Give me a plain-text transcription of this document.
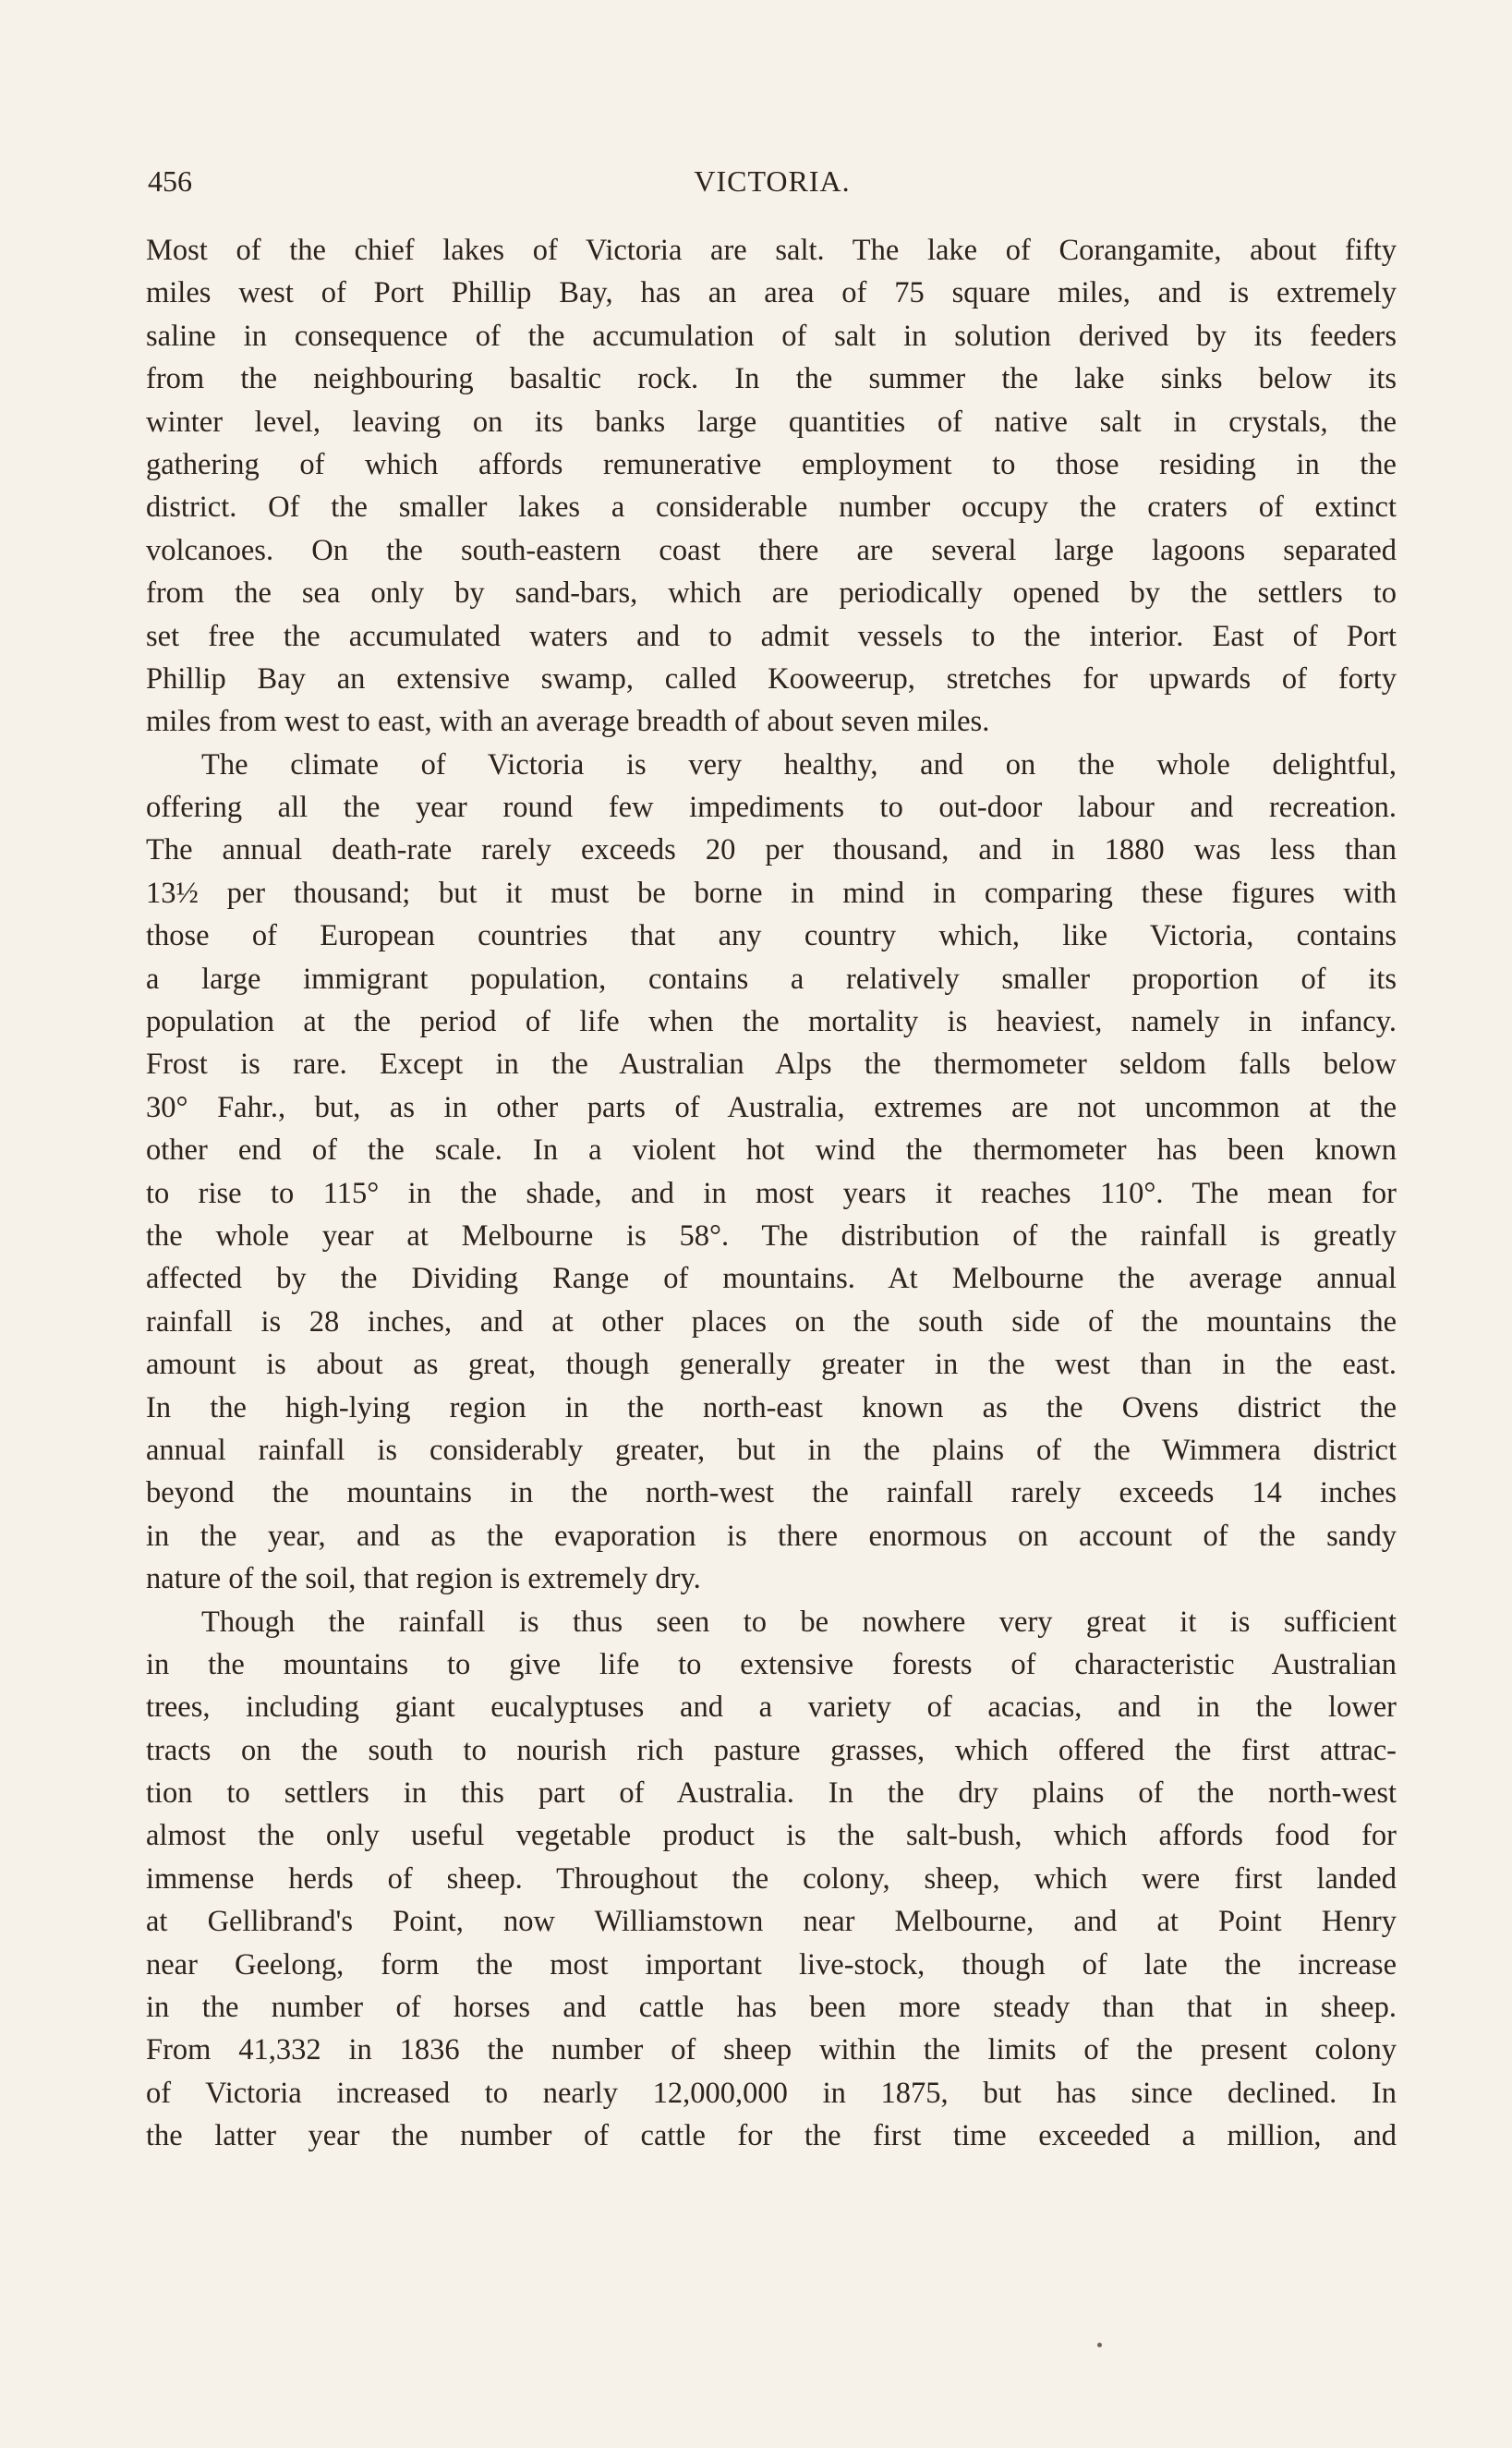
456	VICTORIA.
Most of the chief lakes of Victoria are salt. The lake of Corangamite, about fifty
miles west of Port Phillip Bay, has an area of 75 square miles, and is extremely
saline in consequence of the accumulation of salt in solution derived by its feeders
from the neighbouring basaltic rock. In the summer the lake sinks below its
winter level, leaving on its banks large quantities of native salt in crystals, the
gathering of which affords remunerative employment to those residing in the
district. Of the smaller lakes a considerable number occupy the craters of extinct
volcanoes. On the south-eastern coast there are several large lagoons separated
from the sea only by sand-bars, which are periodically opened by the settlers to
set free the accumulated waters and to admit vessels to the interior. East of Port
Phillip Bay an extensive swamp, called Kooweerup, stretches for upwards of forty
miles from west to east, with an average breadth of about seven miles.
The climate of Victoria is very healthy, and on the whole delightful,
offering all the year round few impediments to out-door labour and recreation.
The annual death-rate rarely exceeds 20 per thousand, and in 1880 was less than
13½ per thousand; but it must be borne in mind in comparing these figures with
those of European countries that any country which, like Victoria, contains
a large immigrant population, contains a relatively smaller proportion of its
population at the period of life when the mortality is heaviest, namely in infancy.
Frost is rare. Except in the Australian Alps the thermometer seldom falls below
30° Fahr., but, as in other parts of Australia, extremes are not uncommon at the
other end of the scale. In a violent hot wind the thermometer has been known
to rise to 115° in the shade, and in most years it reaches 110°. The mean for
the whole year at Melbourne is 58°. The distribution of the rainfall is greatly
affected by the Dividing Range of mountains. At Melbourne the average annual
rainfall is 28 inches, and at other places on the south side of the mountains the
amount is about as great, though generally greater in the west than in the east.
In the high-lying region in the north-east known as the Ovens district the
annual rainfall is considerably greater, but in the plains of the Wimmera district
beyond the mountains in the north-west the rainfall rarely exceeds 14 inches
in the year, and as the evaporation is there enormous on account of the sandy
nature of the soil, that region is extremely dry.
Though the rainfall is thus seen to be nowhere very great it is sufficient
in the mountains to give life to extensive forests of characteristic Australian
trees, including giant eucalyptuses and a variety of acacias, and in the lower
tracts on the south to nourish rich pasture grasses, which offered the first attrac-
tion to settlers in this part of Australia. In the dry plains of the north-west
almost the only useful vegetable product is the salt-bush, which affords food for
immense herds of sheep. Throughout the colony, sheep, which were first landed
at Gellibrand's Point, now Williamstown near Melbourne, and at Point Henry
near Geelong, form the most important live-stock, though of late the increase
in the number of horses and cattle has been more steady than that in sheep.
From 41,332 in 1836 the number of sheep within the limits of the present colony
of Victoria increased to nearly 12,000,000 in 1875, but has since declined. In
the latter year the number of cattle for the first time exceeded a million, and
